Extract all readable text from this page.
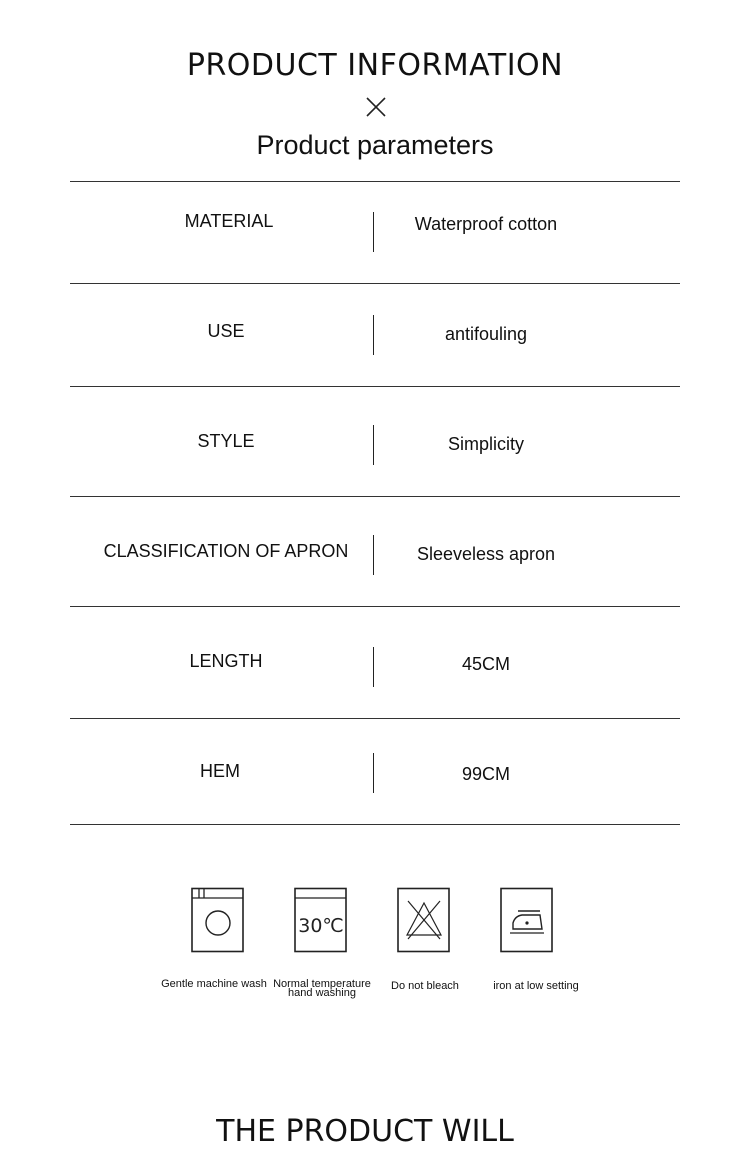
PRODUCT INFORMATION
Product parameters
MATERIAL	Waterproof cotton
USE	antifouling
STYLE	Simplicity
CLASSIFICATION OF APRON	Sleeveless apron
LENGTH	45CM
HEM	99CM
30℃
Gentle machine wash Normal temperature
hand washing
Do not bleach	iron at low setting
THE PRODUCT WILL
